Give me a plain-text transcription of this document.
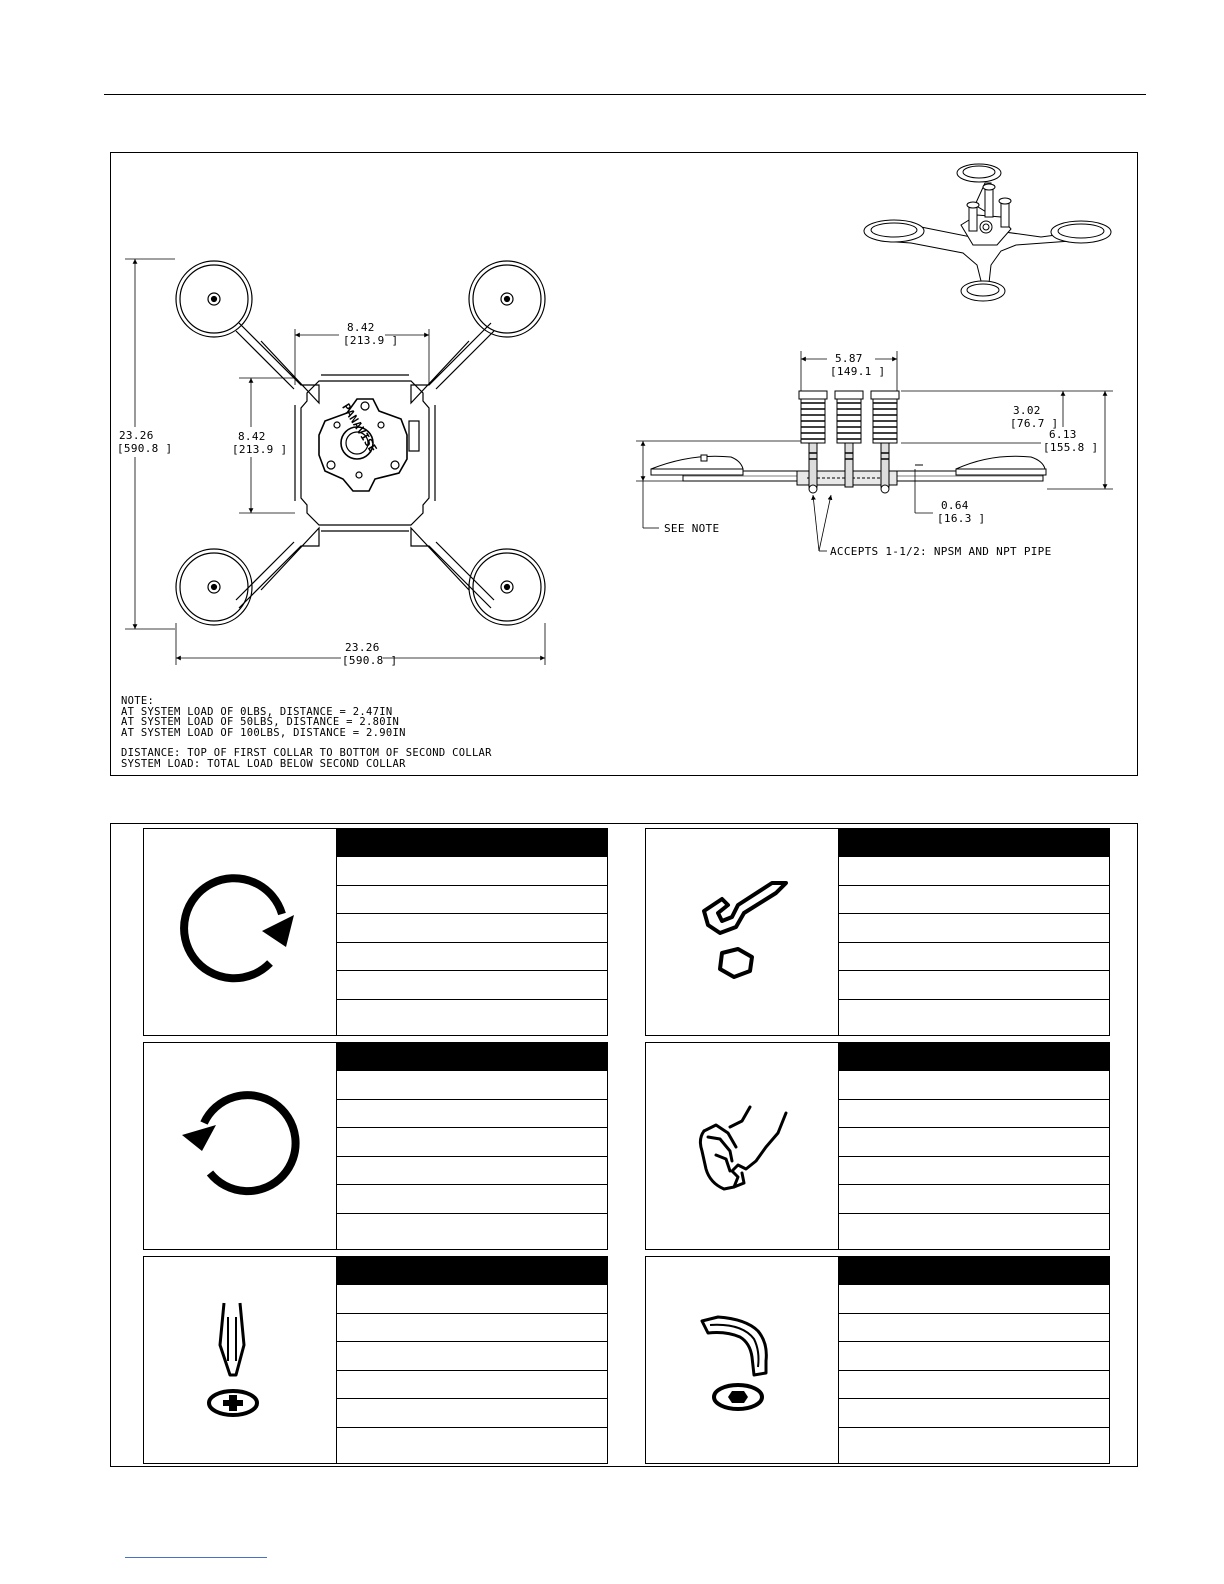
PANAVISE
8.42
[213.9 ]
8.42
[213.9 ]
23.26
[590.8 ]
23.26
[590.8 ]
5.87
[149.1 ]
3.02
[76.7 ]
6.13
[155.8 ]
0.64
[16.3 ]
SEE NOTE
ACCEPTS 1-1/2: NPSM AND NPT PIPE
NOTE:
AT SYSTEM LOAD OF 0LBS, DISTANCE = 2.47IN
AT SYSTEM LOAD OF 50LBS, DISTANCE = 2.80IN
AT SYSTEM LOAD OF 100LBS, DISTANCE = 2.90IN
DISTANCE: TOP OF FIRST COLLAR TO BOTTOM OF SECOND COLLAR
SYSTEM LOAD: TOTAL LOAD BELOW SECOND COLLAR
